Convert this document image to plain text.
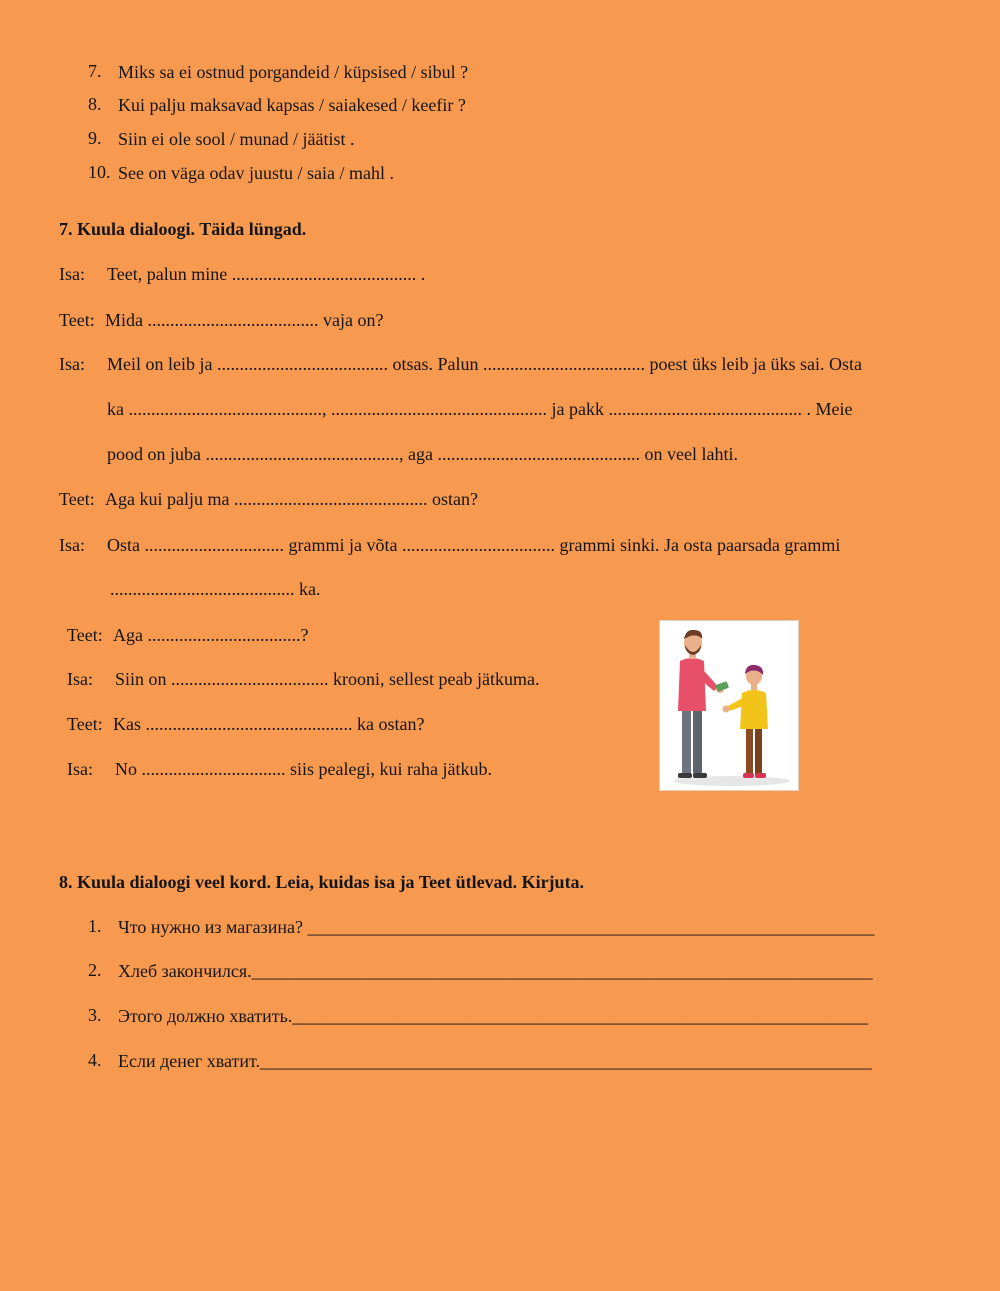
7. Miks sa ei ostnud porgandeid / küpsised / sibul ?
8. Kui palju maksavad kapsas / saiakesed / keefir ?
9. Siin ei ole sool / munad / jäätist .
10. See on väga odav juustu / saia / mahl .
7. Kuula dialoogi. Täida lüngad.
Isa: Teet, palun mine ......................................... .
Teet: Mida ...................................... vaja on?
Isa: Meil on leib ja ...................................... otsas. Palun .................................... poest üks leib ja üks sai. Osta
ka ..........................................., ................................................ ja pakk ........................................... . Meie
pood on juba ..........................................., aga ............................................. on veel lahti.
Teet: Aga kui palju ma ........................................... ostan?
Isa: Osta ............................... grammi ja võta .................................. grammi sinki. Ja osta paarsada grammi
......................................... ka.
Teet: Aga ..................................?
Isa: Siin on ................................... krooni, sellest peab jätkuma.
Teet: Kas .............................................. ka ostan?
Isa: No ................................ siis pealegi, kui raha jätkub.
8. Kuula dialoogi veel kord. Leia, kuidas isa ja Teet ütlevad. Kirjuta.
1. Что нужно из магазина? _______________________________________________________________
2. Хлеб закончился._____________________________________________________________________
3. Этого должно хватить.________________________________________________________________
4. Если денег хватит.____________________________________________________________________
